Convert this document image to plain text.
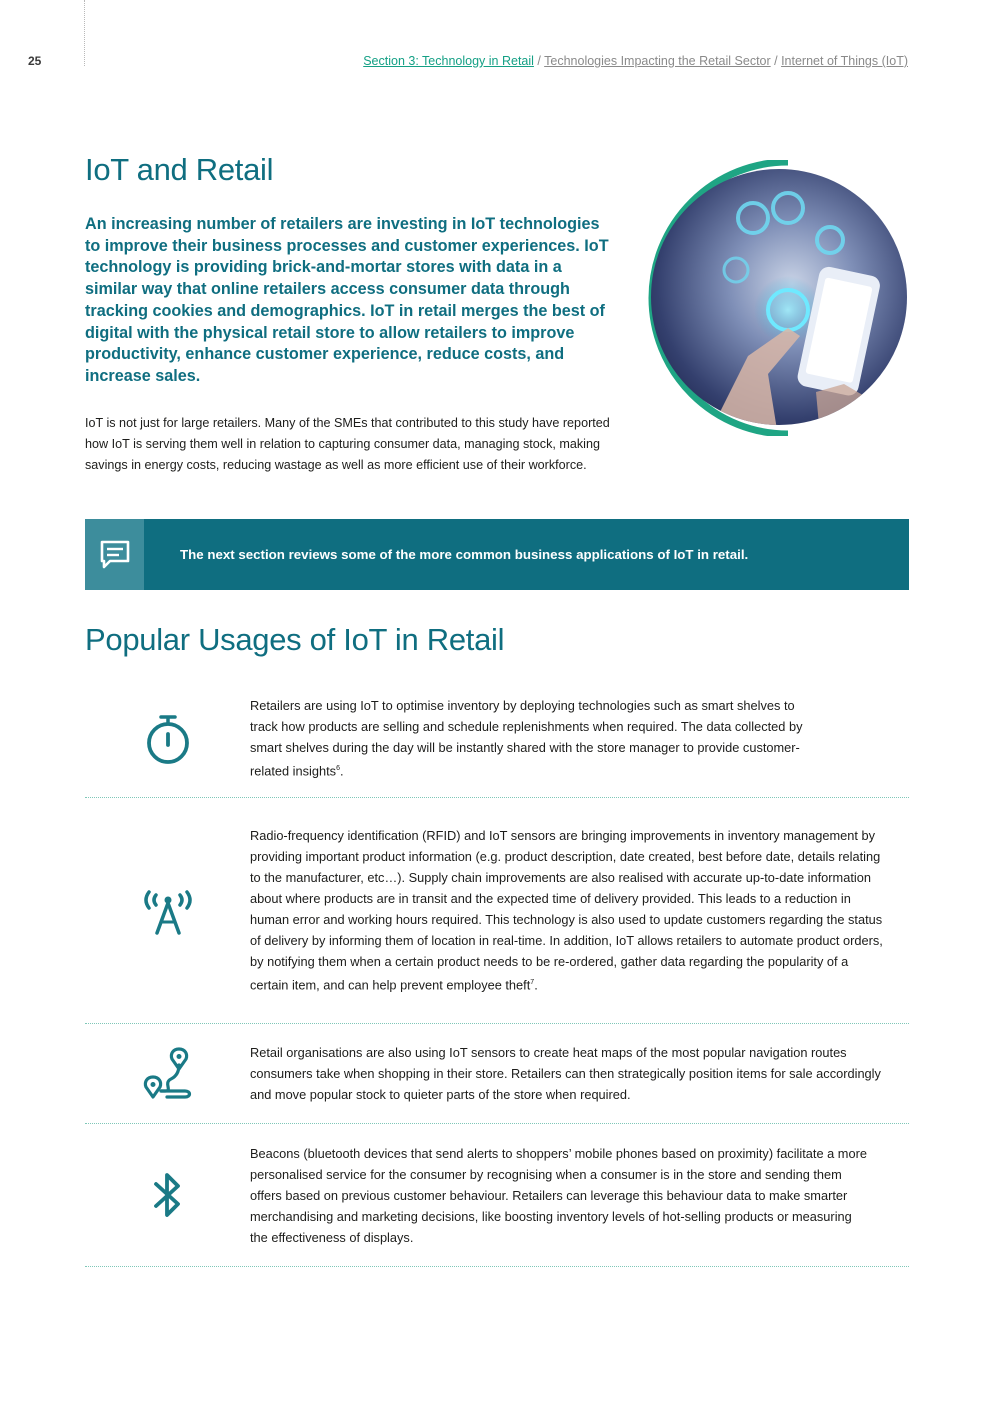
25	Section 3: Technology in Retail / Technologies Impacting the Retail Sector / Internet of Things (IoT)
IoT and Retail

An increasing number of retailers are investing in IoT technologies to improve their business processes and customer experiences. IoT technology is providing brick-and-mortar stores with data in a similar way that online retailers access consumer data through tracking cookies and demographics. IoT in retail merges the best of digital with the physical retail store to allow retailers to improve productivity, enhance customer experience, reduce costs, and increase sales.

IoT is not just for large retailers. Many of the SMEs that contributed to this study have reported how IoT is serving them well in relation to capturing consumer data, managing stock, making savings in energy costs, reducing wastage as well as more efficient use of their workforce.

The next section reviews some of the more common business applications of IoT in retail.
Popular Usages of IoT in Retail

Retailers are using IoT to optimise inventory by deploying technologies such as smart shelves to track how products are selling and schedule replenishments when required. The data collected by smart shelves during the day will be instantly shared with the store manager to provide customer-related insights$^6$.

Radio-frequency identification (RFID) and IoT sensors are bringing improvements in inventory management by providing important product information (e.g. product description, date created, best before date, details relating to the manufacturer, etc…). Supply chain improvements are also realised with accurate up-to-date information about where products are in transit and the expected time of delivery provided. This leads to a reduction in human error and working hours required. This technology is also used to update customers regarding the status of delivery by informing them of location in real-time. In addition, IoT allows retailers to automate product orders, by notifying them when a certain product needs to be re-ordered, gather data regarding the popularity of a certain item, and can help prevent employee theft$^7$.

Retail organisations are also using IoT sensors to create heat maps of the most popular navigation routes consumers take when shopping in their store. Retailers can then strategically position items for sale accordingly and move popular stock to quieter parts of the store when required.

Beacons (bluetooth devices that send alerts to shoppers’ mobile phones based on proximity) facilitate a more personalised service for the consumer by recognising when a consumer is in the store and sending them offers based on previous customer behaviour. Retailers can leverage this behaviour data to make smarter merchandising and marketing decisions, like boosting inventory levels of hot-selling products or measuring the effectiveness of displays.
